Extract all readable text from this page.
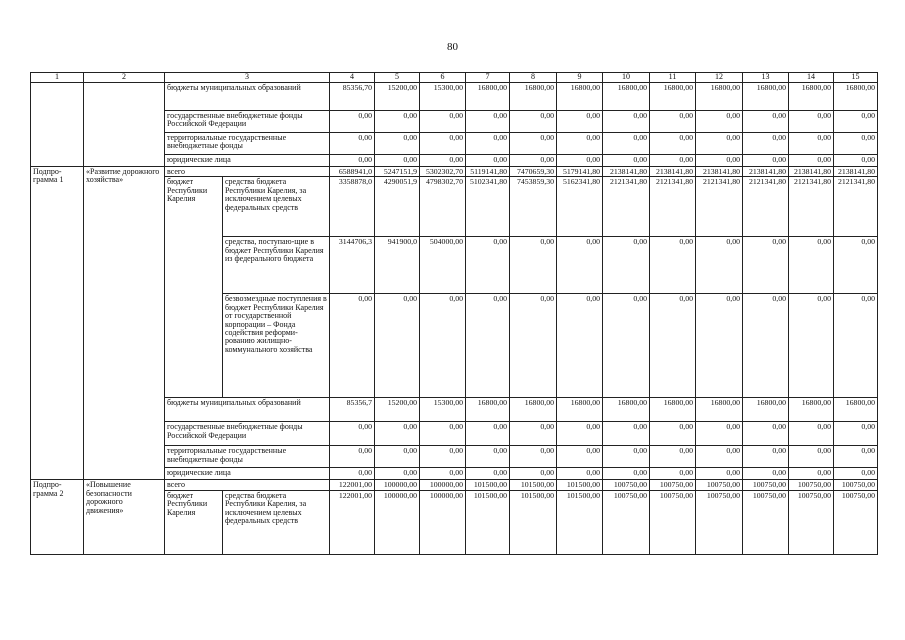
80
1	2	3		4	5	6	7	8	9	10	11	12	13	14	15
		бюджеты муниципальных образований		85356,70	15200,00	15300,00	16800,00	16800,00	16800,00	16800,00	16800,00	16800,00	16800,00	16800,00	16800,00
		государственные внебюджетные фонды Российской Федерации		0,00	0,00	0,00	0,00	0,00	0,00	0,00	0,00	0,00	0,00	0,00	0,00
		территориальные государственные внебюджетные фонды		0,00	0,00	0,00	0,00	0,00	0,00	0,00	0,00	0,00	0,00	0,00	0,00
		юридические лица		0,00	0,00	0,00	0,00	0,00	0,00	0,00	0,00	0,00	0,00	0,00	0,00
Подпро-грамма 1	«Развитие дорожного хозяйства»	всего		6588941,0	5247151,9	5302302,70	5119141,80	7470659,30	5179141,80	2138141,80	2138141,80	2138141,80	2138141,80	2138141,80	2138141,80
		бюджет Республики Карелия	средства бюджета Республики Карелия, за исключением целевых федеральных средств	3358878,0	4290051,9	4798302,70	5102341,80	7453859,30	5162341,80	2121341,80	2121341,80	2121341,80	2121341,80	2121341,80	2121341,80
			средства, поступаю-щие в бюджет Республики Карелия из федерального бюджета	3144706,3	941900,0	504000,00	0,00	0,00	0,00	0,00	0,00	0,00	0,00	0,00	0,00
			безвозмездные поступления в бюджет Республики Карелия от государственной корпорации – Фонда содействия реформи-рованию жилищно-коммунального хозяйства	0,00	0,00	0,00	0,00	0,00	0,00	0,00	0,00	0,00	0,00	0,00	0,00
		бюджеты муниципальных образований		85356,7	15200,00	15300,00	16800,00	16800,00	16800,00	16800,00	16800,00	16800,00	16800,00	16800,00	16800,00
		государственные внебюджетные фонды Российской Федерации		0,00	0,00	0,00	0,00	0,00	0,00	0,00	0,00	0,00	0,00	0,00	0,00
		территориальные государственные внебюджетные фонды		0,00	0,00	0,00	0,00	0,00	0,00	0,00	0,00	0,00	0,00	0,00	0,00
		юридические лица		0,00	0,00	0,00	0,00	0,00	0,00	0,00	0,00	0,00	0,00	0,00	0,00
Подпро-грамма 2	«Повышение безопасности дорожного движения»	всего		122001,00	100000,00	100000,00	101500,00	101500,00	101500,00	100750,00	100750,00	100750,00	100750,00	100750,00	100750,00
		бюджет Республики Карелия	средства бюджета Республики Карелия, за исключением целевых федеральных средств	122001,00	100000,00	100000,00	101500,00	101500,00	101500,00	100750,00	100750,00	100750,00	100750,00	100750,00	100750,00
